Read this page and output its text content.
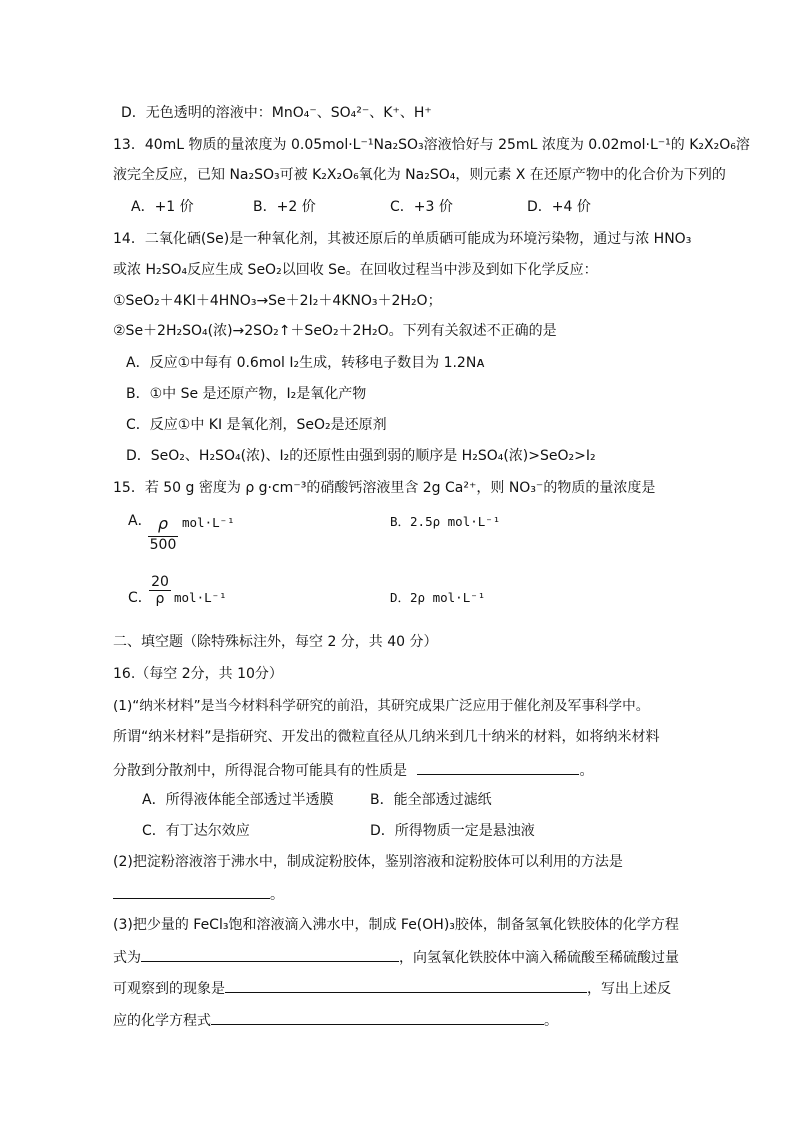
D．无色透明的溶液中：MnO₄⁻、SO₄²⁻、K⁺、H⁺
13．40mL 物质的量浓度为 0.05mol·L⁻¹Na₂SO₃溶液恰好与 25mL 浓度为 0.02mol·L⁻¹的 K₂X₂O₆溶
液完全反应，已知 Na₂SO₃可被 K₂X₂O₆氧化为 Na₂SO₄，则元素 X 在还原产物中的化合价为下列的
A．+1 价	B．+2 价	C．+3 价	D．+4 价
14．二氧化硒(Se)是一种氧化剂，其被还原后的单质硒可能成为环境污染物，通过与浓 HNO₃
或浓 H₂SO₄反应生成 SeO₂以回收 Se。在回收过程当中涉及到如下化学反应：
①SeO₂＋4KI＋4HNO₃→Se＋2I₂＋4KNO₃＋2H₂O；
②Se＋2H₂SO₄(浓)→2SO₂↑＋SeO₂＋2H₂O。下列有关叙述不正确的是
A．反应①中每有 0.6mol I₂生成，转移电子数目为 1.2Nᴀ
B．①中 Se 是还原产物，I₂是氧化产物
C．反应①中 KI 是氧化剂，SeO₂是还原剂
D．SeO₂、H₂SO₄(浓)、I₂的还原性由强到弱的顺序是 H₂SO₄(浓)>SeO₂>I₂
15．若 50 g 密度为 ρ g·cm⁻³的硝酸钙溶液里含 2g Ca²⁺，则 NO₃⁻的物质的量浓度是
A． ρ
500
mol·L⁻¹	B．2.5ρ mol·L⁻¹
C．
20
ρ mol·L⁻¹	D．2ρ mol·L⁻¹
二、填空题（除特殊标注外，每空 2 分，共 40 分）
16.（每空 2分，共 10分）
(1)“纳米材料”是当今材料科学研究的前沿，其研究成果广泛应用于催化剂及军事科学中。
所谓“纳米材料”是指研究、开发出的微粒直径从几纳米到几十纳米的材料，如将纳米材料
分散到分散剂中，所得混合物可能具有的性质是	。
A．所得液体能全部透过半透膜	B．能全部透过滤纸
C．有丁达尔效应	D．所得物质一定是悬浊液
(2)把淀粉溶液溶于沸水中，制成淀粉胶体，鉴别溶液和淀粉胶体可以利用的方法是
。
(3)把少量的 FeCl₃饱和溶液滴入沸水中，制成 Fe(OH)₃胶体，制备氢氧化铁胶体的化学方程
式为	，向氢氧化铁胶体中滴入稀硫酸至稀硫酸过量
可观察到的现象是	，写出上述反
应的化学方程式	。
